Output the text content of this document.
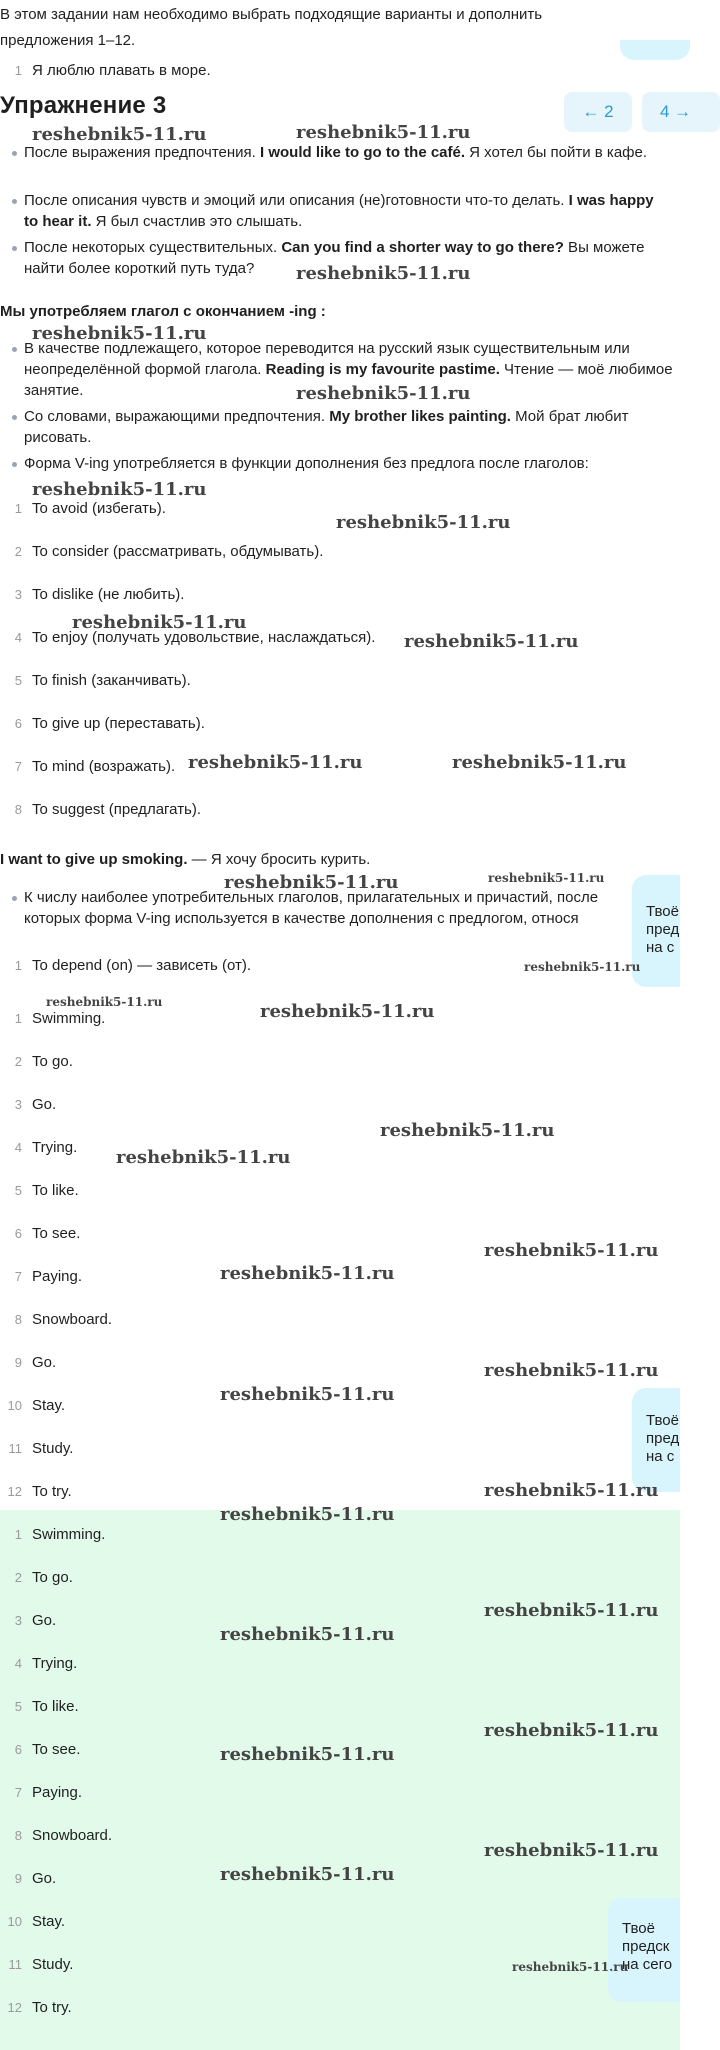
В этом задании нам необходимо выбрать подходящие варианты и дополнить предложения 1–12.
1 Я люблю плавать в море.
Упражнение 3	← 2	4 →
После выражения предпочтения. I would like to go to the café. Я хотел бы пойти в кафе.
После описания чувств и эмоций или описания (не)готовности что-то делать. I was happy to hear it. Я был счастлив это слышать.
После некоторых существительных. Can you find a shorter way to go there? Вы можете найти более короткий путь туда?
Мы употребляем глагол с окончанием -ing :
В качестве подлежащего, которое переводится на русский язык существительным или неопределённой формой глагола. Reading is my favourite pastime. Чтение — моё любимое занятие.
Со словами, выражающими предпочтения. My brother likes painting. Мой брат любит рисовать.
Форма V-ing употребляется в функции дополнения без предлога после глаголов:
1 To avoid (избегать).
2 To consider (рассматривать, обдумывать).
3 To dislike (не любить).
4 To enjoy (получать удовольствие, наслаждаться).
5 To finish (заканчивать).
6 To give up (переставать).
7 To mind (возражать).
8 To suggest (предлагать).
I want to give up smoking. — Я хочу бросить курить.
К числу наиболее употребительных глаголов, прилагательных и причастий, после которых форма V-ing используется в качестве дополнения с предлогом, относя
1 To depend (on) — зависеть (от).
1 Swimming.
2 To go.
3 Go.
4 Trying.
5 To like.
6 To see.
7 Paying.
8 Snowboard.
9 Go.
10 Stay.
11 Study.
12 To try.
1 Swimming.
2 To go.
3 Go.
4 Trying.
5 To like.
6 To see.
7 Paying.
8 Snowboard.
9 Go.
10 Stay.
11 Study.
12 To try.
Твоё
пред
на с
Твоё
пред
на с
Твоё
предск
на сего
reshebnik5-11.ru	reshebnik5-11.ru
reshebnik5-11.ru
reshebnik5-11.ru
reshebnik5-11.ru
reshebnik5-11.ru
reshebnik5-11.ru
reshebnik5-11.ru
reshebnik5-11.ru
reshebnik5-11.ru	reshebnik5-11.ru
reshebnik5-11.ru
reshebnik5-11.ru
reshebnik5-11.ru
reshebnik5-11.ru	reshebnik5-11.ru
reshebnik5-11.ru
reshebnik5-11.ru
reshebnik5-11.ru
reshebnik5-11.ru
reshebnik5-11.ru
reshebnik5-11.ru
reshebnik5-11.ru
reshebnik5-11.ru
reshebnik5-11.ru
reshebnik5-11.ru
reshebnik5-11.ru
reshebnik5-11.ru
reshebnik5-11.ru
reshebnik5-11.ru
reshebnik5-11.ru
